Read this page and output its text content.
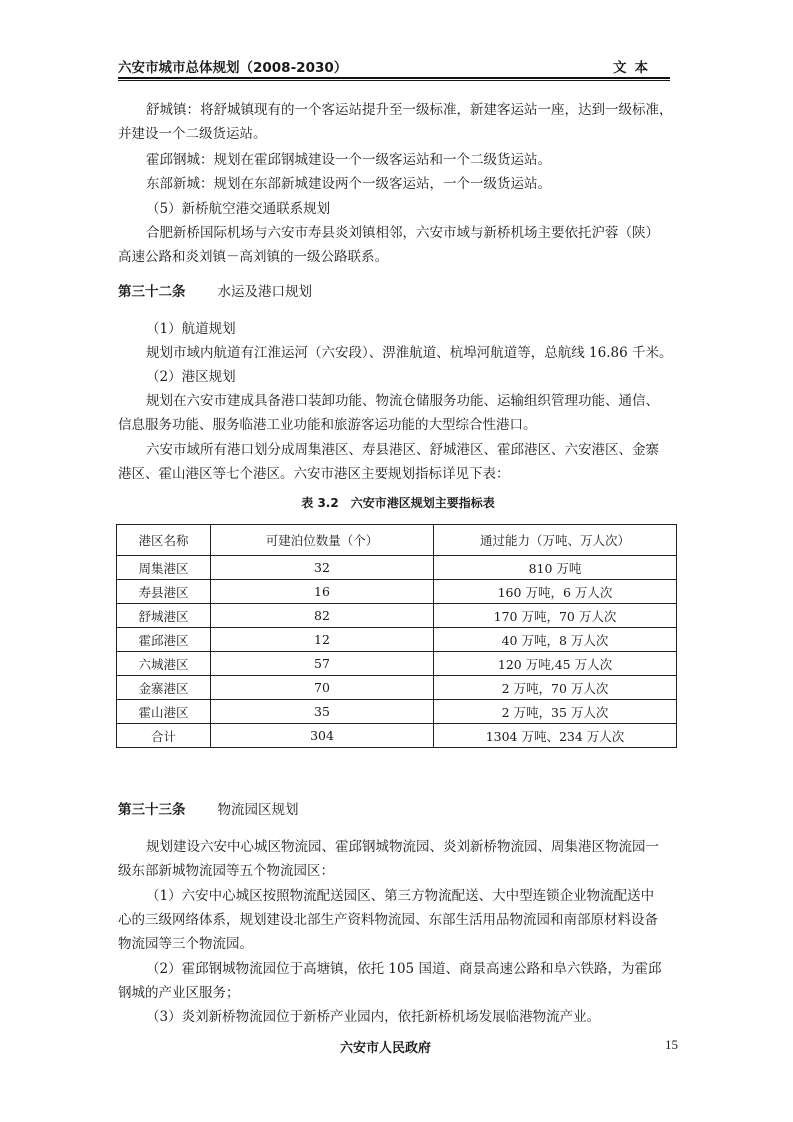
六安市城市总体规划（2008-2030）	文本
舒城镇：将舒城镇现有的一个客运站提升至一级标准，新建客运站一座，达到一级标准，
并建设一个二级货运站。
霍邱钢城：规划在霍邱钢城建设一个一级客运站和一个二级货运站。
东部新城：规划在东部新城建设两个一级客运站，一个一级货运站。
（5）新桥航空港交通联系规划
合肥新桥国际机场与六安市寿县炎刘镇相邻，六安市域与新桥机场主要依托沪蓉（陕）
高速公路和炎刘镇－高刘镇的一级公路联系。
第三十二条 水运及港口规划
（1）航道规划
规划市域内航道有江淮运河（六安段）、淠淮航道、杭埠河航道等，总航线 16.86 千米。
（2）港区规划
规划在六安市建成具备港口装卸功能、物流仓储服务功能、运输组织管理功能、通信、
信息服务功能、服务临港工业功能和旅游客运功能的大型综合性港口。
六安市域所有港口划分成周集港区、寿县港区、舒城港区、霍邱港区、六安港区、金寨
港区、霍山港区等七个港区。六安市港区主要规划指标详见下表：
表 3.2　六安市港区规划主要指标表
港区名称	可建泊位数量（个）	通过能力（万吨、万人次）
周集港区	32	810 万吨
寿县港区	16	160 万吨，6 万人次
舒城港区	82	170 万吨，70 万人次
霍邱港区	12	40 万吨，8 万人次
六城港区	57	120 万吨,45 万人次
金寨港区	70	2 万吨，70 万人次
霍山港区	35	2 万吨，35 万人次
合计	304	1304 万吨、234 万人次
第三十三条 物流园区规划
规划建设六安中心城区物流园、霍邱钢城物流园、炎刘新桥物流园、周集港区物流园一
级东部新城物流园等五个物流园区：
（1）六安中心城区按照物流配送园区、第三方物流配送、大中型连锁企业物流配送中
心的三级网络体系，规划建设北部生产资料物流园、东部生活用品物流园和南部原材料设备
物流园等三个物流园。
（2）霍邱钢城物流园位于高塘镇，依托 105 国道、商景高速公路和阜六铁路，为霍邱
钢城的产业区服务；
（3）炎刘新桥物流园位于新桥产业园内，依托新桥机场发展临港物流产业。
六安市人民政府	15
